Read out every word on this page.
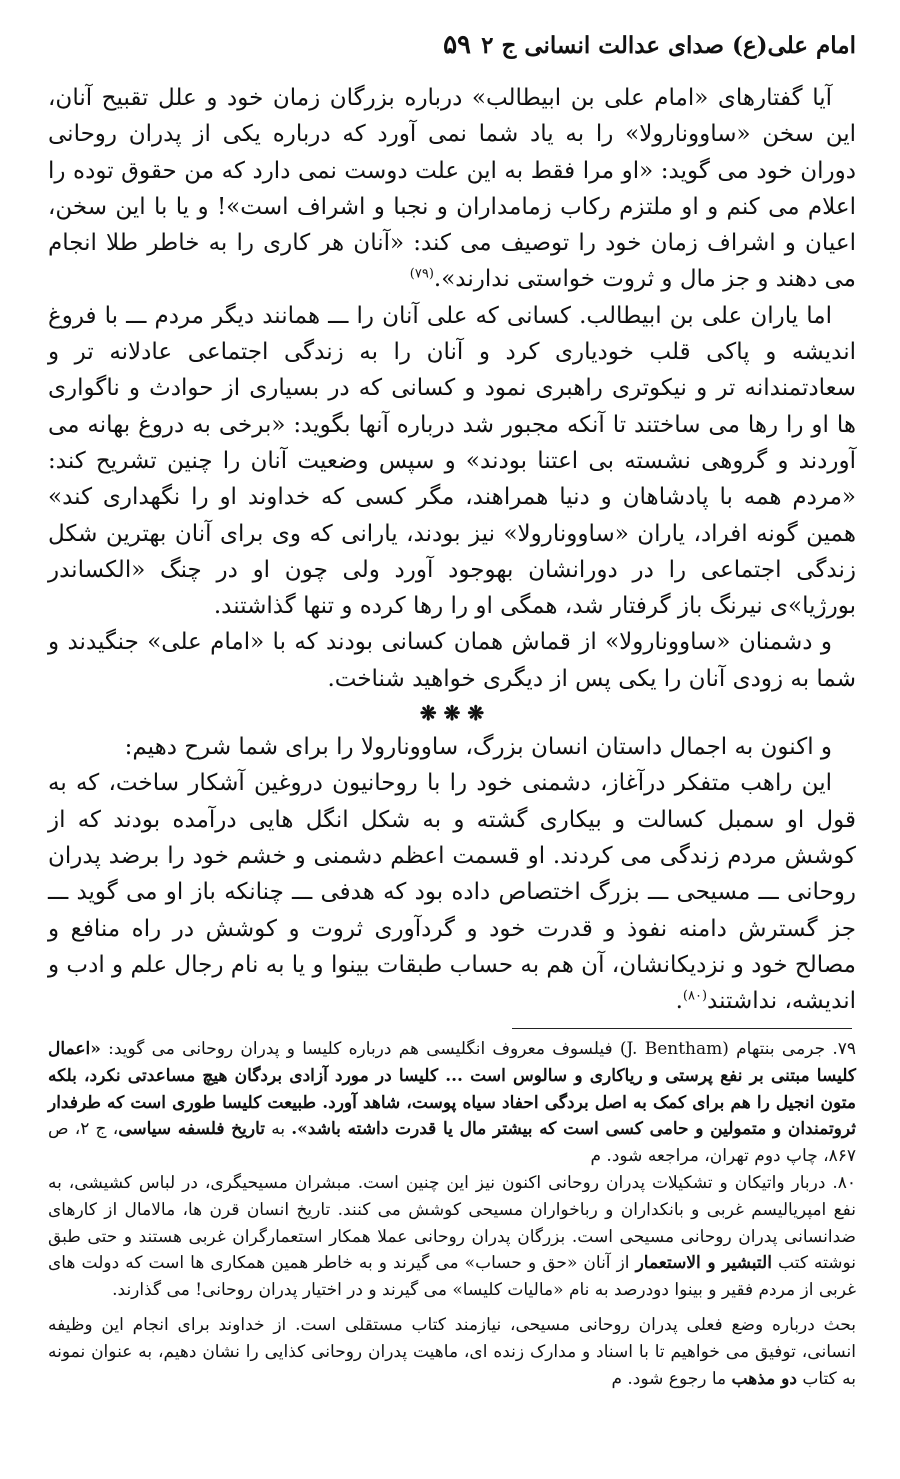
امام علی(ع) صدای عدالت انسانی ج ۲
۵۹

آیا گفتارهای «امام علی بن ابیطالب» درباره بزرگان زمان خود و علل تقبیح آنان، این سخن «ساوونارولا» را به یاد شما نمی آورد که درباره یکی از پدران روحانی دوران خود می گوید: «او مرا فقط به این علت دوست نمی دارد که من حقوق توده را اعلام می کنم و او ملتزم رکاب زمامداران و نجبا و اشراف است»! و یا با این سخن، اعیان و اشراف زمان خود را توصیف می کند: «آنان هر کاری را به خاطر طلا انجام می دهند و جز مال و ثروت خواستی ندارند».$^{(۷۹)}$

اما یاران علی بن ابیطالب. کسانی که علی آنان را ـــ همانند دیگر مردم ـــ با فروغ اندیشه و پاکی قلب خودیاری کرد و آنان را به زندگی اجتماعی عادلانه تر و سعادتمندانه تر و نیکوتری راهبری نمود و کسانی که در بسیاری از حوادث و ناگواری ها او را رها می ساختند تا آنکه مجبور شد درباره آنها بگوید: «برخی به دروغ بهانه می آوردند و گروهی نشسته بی اعتنا بودند» و سپس وضعیت آنان را چنین تشریح کند: «مردم همه با پادشاهان و دنیا همراهند، مگر کسی که خداوند او را نگهداری کند» همین گونه افراد، یاران «ساوونارولا» نیز بودند، یارانی که وی برای آنان بهترین شکل زندگی اجتماعی را در دورانشان بهوجود آورد ولی چون او در چنگ «الکساندر بورژیا»ی نیرنگ باز گرفتار شد، همگی او را رها کرده و تنها گذاشتند.

و دشمنان «ساوونارولا» از قماش همان کسانی بودند که با «امام علی» جنگیدند و شما به زودی آنان را یکی پس از دیگری خواهید شناخت.

❋ ❋ ❋

و اکنون به اجمال داستان انسان بزرگ، ساوونارولا را برای شما شرح دهیم:

این راهب متفکر درآغاز، دشمنی خود را با روحانیون دروغین آشکار ساخت، که به قول او سمبل کسالت و بیکاری گشته و به شکل انگل هایی درآمده بودند که از کوشش مردم زندگی می کردند. او قسمت اعظم دشمنی و خشم خود را برضد پدران روحانی ـــ مسیحی ـــ بزرگ اختصاص داده بود که هدفی ـــ چنانکه باز او می گوید ـــ جز گسترش دامنه نفوذ و قدرت خود و گردآوری ثروت و کوشش در راه منافع و مصالح خود و نزدیکانشان، آن هم به حساب طبقات بینوا و یا به نام رجال علم و ادب و اندیشه، نداشتند$^{(۸۰)}$.

۷۹. جرمی بنتهام (J. Bentham) فیلسوف معروف انگلیسی هم درباره کلیسا و پدران روحانی می گوید: «اعمال کلیسا مبتنی بر نفع پرستی و ریاکاری و سالوس است ... کلیسا در مورد آزادی بردگان هیچ مساعدتی نکرد، بلکه متون انجیل را هم برای کمک به اصل بردگی احفاد سیاه پوست، شاهد آورد. طبیعت کلیسا طوری است که طرفدار ثروتمندان و متمولین و حامی کسی است که بیشتر مال یا قدرت داشته باشد». به تاریخ فلسفه سیاسی، ج ۲، ص ۸۶۷، چاپ دوم تهران، مراجعه شود. م

۸۰. دربار واتیکان و تشکیلات پدران روحانی اکنون نیز این چنین است. مبشران مسیحیگری، در لباس کشیشی، به نفع امپریالیسم غربی و بانکداران و رباخواران مسیحی کوشش می کنند. تاریخ انسان قرن ها، مالامال از کارهای ضدانسانی پدران روحانی مسیحی است. بزرگان پدران روحانی عملا همکار استعمارگران غربی هستند و حتی طبق نوشته کتب التبشیر و الاستعمار از آنان «حق و حساب» می گیرند و به خاطر همین همکاری ها است که دولت های غربی از مردم فقیر و بینوا دودرصد به نام «مالیات کلیسا» می گیرند و در اختیار پدران روحانی! می گذارند.

بحث درباره وضع فعلی پدران روحانی مسیحی، نیازمند کتاب مستقلی است. از خداوند برای انجام این وظیفه انسانی، توفیق می خواهیم تا با اسناد و مدارک زنده ای، ماهیت پدران روحانی کذایی را نشان دهیم، به عنوان نمونه به کتاب دو مذهب ما رجوع شود. م
